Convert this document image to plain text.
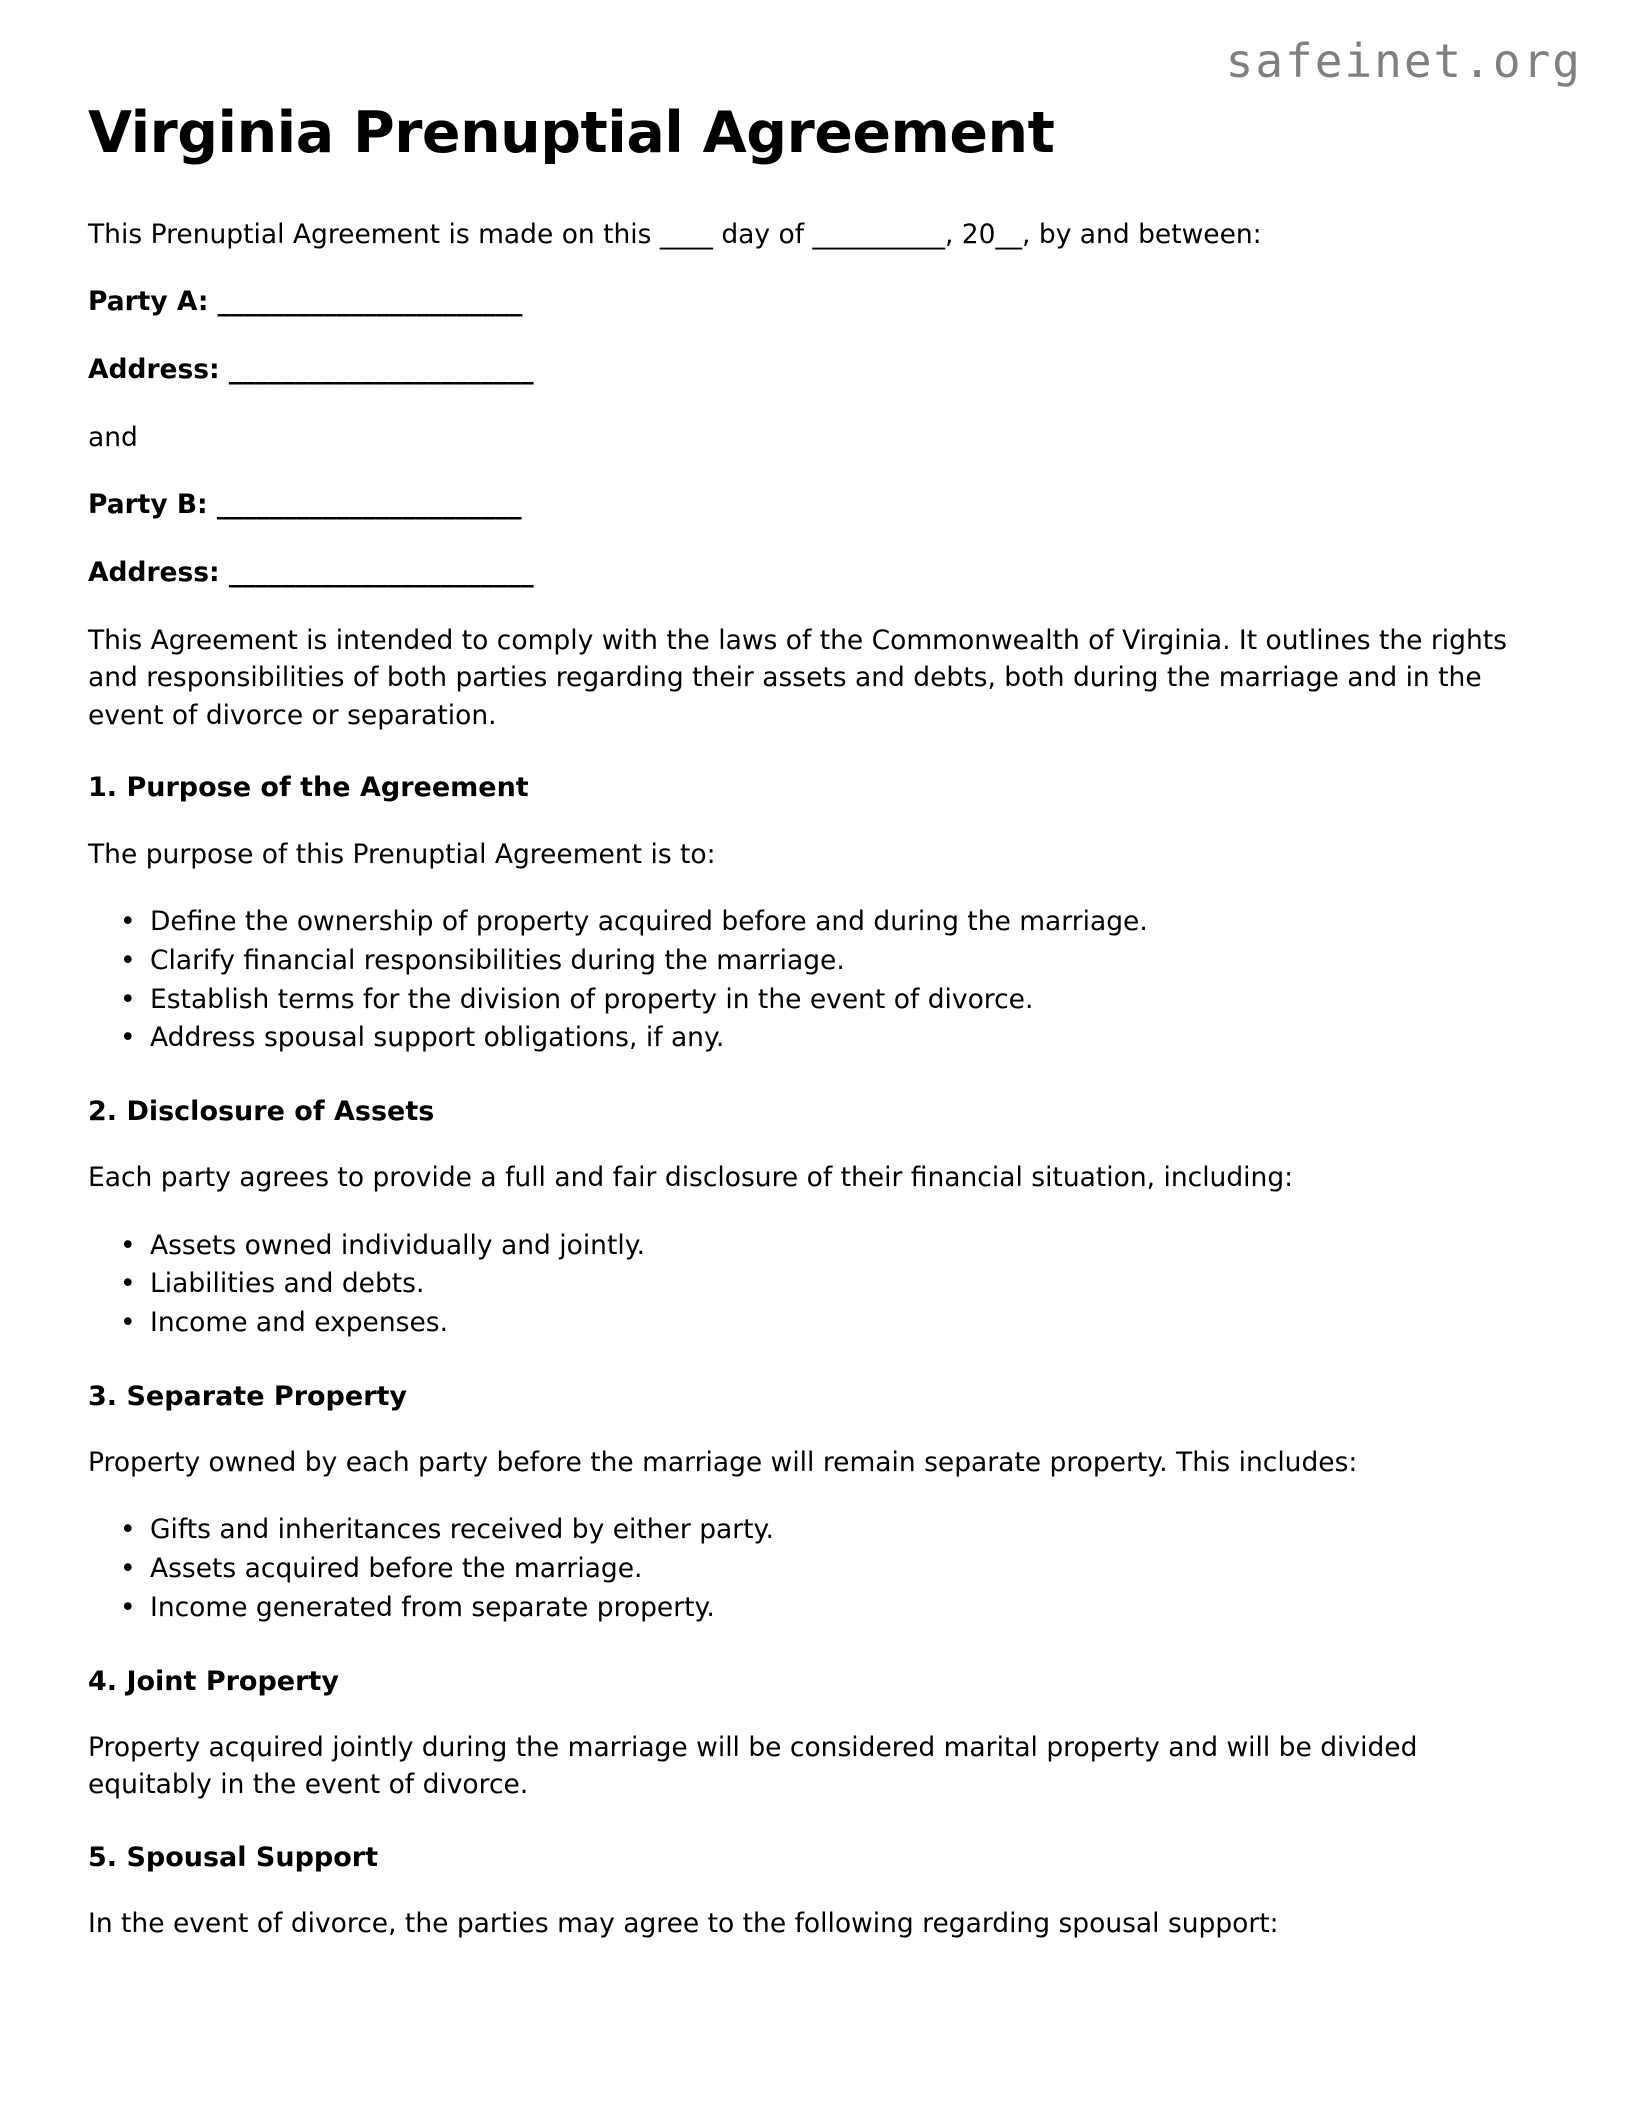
safeinet.org
Virginia Prenuptial Agreement

This Prenuptial Agreement is made on this ____ day of __________, 20__, by and between:

Party A: _______________________

Address: _______________________

and

Party B: _______________________

Address: _______________________

This Agreement is intended to comply with the laws of the Commonwealth of Virginia. It outlines the rights and responsibilities of both parties regarding their assets and debts, both during the marriage and in the event of divorce or separation.

1. Purpose of the Agreement

The purpose of this Prenuptial Agreement is to:

• Define the ownership of property acquired before and during the marriage.
• Clarify financial responsibilities during the marriage.
• Establish terms for the division of property in the event of divorce.
• Address spousal support obligations, if any.
2. Disclosure of Assets

Each party agrees to provide a full and fair disclosure of their financial situation, including:

• Assets owned individually and jointly.
• Liabilities and debts.
• Income and expenses.
3. Separate Property

Property owned by each party before the marriage will remain separate property. This includes:

• Gifts and inheritances received by either party.
• Assets acquired before the marriage.
• Income generated from separate property.
4. Joint Property

Property acquired jointly during the marriage will be considered marital property and will be divided equitably in the event of divorce.

5. Spousal Support

In the event of divorce, the parties may agree to the following regarding spousal support:
